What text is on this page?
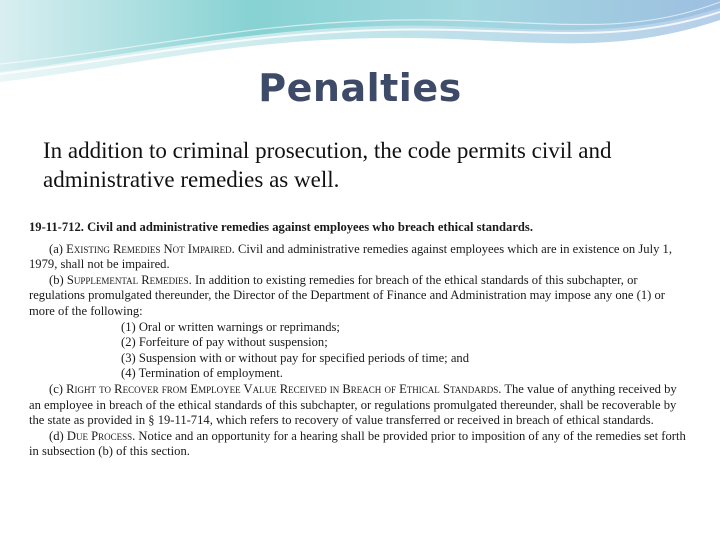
Penalties
In addition to criminal prosecution, the code permits civil and administrative remedies as well.

19-11-712. Civil and administrative remedies against employees who breach ethical standards.

(a) Existing Remedies Not Impaired. Civil and administrative remedies against employees which are in existence on July 1, 1979, shall not be impaired.

(b) Supplemental Remedies. In addition to existing remedies for breach of the ethical standards of this subchapter, or regulations promulgated thereunder, the Director of the Department of Finance and Administration may impose any one (1) or more of the following:

(1) Oral or written warnings or reprimands;

(2) Forfeiture of pay without suspension;

(3) Suspension with or without pay for specified periods of time; and

(4) Termination of employment.

(c) Right to Recover from Employee Value Received in Breach of Ethical Standards. The value of anything received by an employee in breach of the ethical standards of this subchapter, or regulations promulgated thereunder, shall be recoverable by the state as provided in § 19-11-714, which refers to recovery of value transferred or received in breach of ethical standards.

(d) Due Process. Notice and an opportunity for a hearing shall be provided prior to imposition of any of the remedies set forth in subsection (b) of this section.
